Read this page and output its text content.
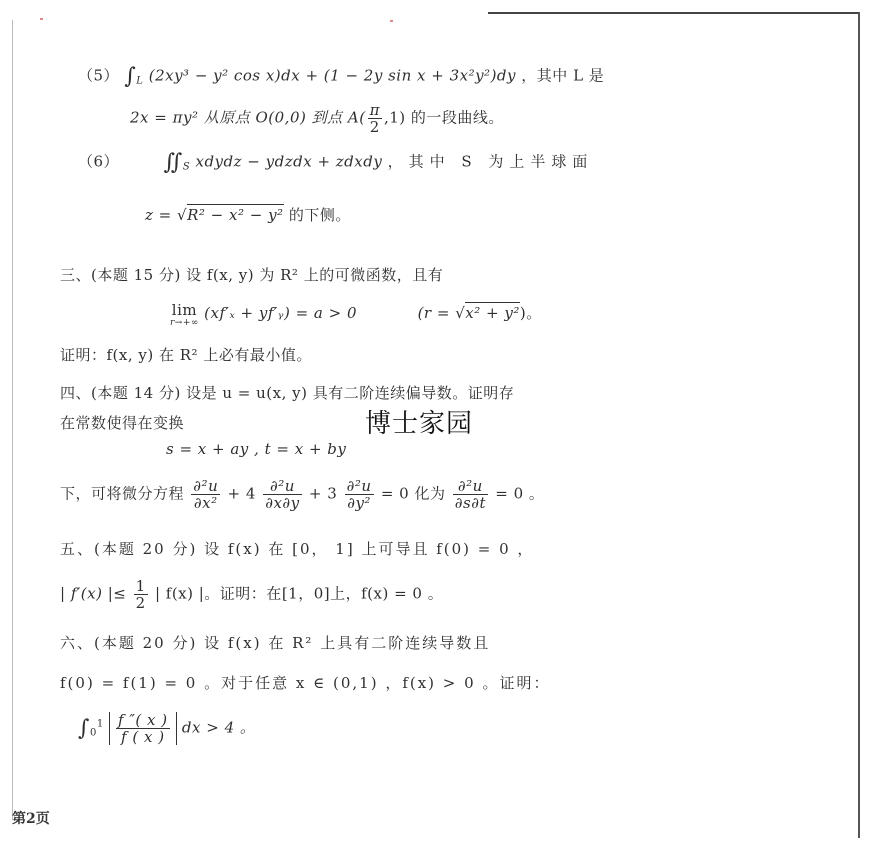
（5） $\int_L$ (2xy³ − y² cos x)dx + (1 − 2y sin x + 3x²y²)dy ，其中 L 是
2x = πy² 从原点 O(0,0) 到点 $A( \frac{\pi}{2} ,1)$ 的一段曲线。
（6） $∬_S$ xdydz − ydzdx + zdxdy ，其中 S 为上半球面
z = √R² − x² − y² 的下侧。
三、(本题 15 分) 设 f(x, y) 为 R² 上的可微函数，且有
lim
r→+∞
(xf′ₓ + yf′ᵧ) = a > 0	(r = √x² + y²)。
证明：f(x, y) 在 R² 上必有最小值。
四、(本题 14 分) 设是 u = u(x, y) 具有二阶连续偏导数。证明存
在常数使得在变换	博士家园
s = x + ay , t = x + by
下，可将微分方程 $\frac{\text{∂²u}}{\text{∂x²}} + 4 \frac{\text{∂²u}}{\partial x\partial y} + 3 \frac{\text{∂²u}}{\text{∂y²}} = 0$ 化为 $\frac{\text{∂²u}}{\partial s\partial t} = 0$ 。
五、(本题 20 分) 设 f(x) 在 [0， 1] 上可导且 f(0) = 0 ，
| f′(x) |≤ $\frac{1}{2}$ | f(x) |。证明：在[1，0]上，f(x) = 0 。
六、(本题 20 分) 设 f(x) 在 R² 上具有二阶连续导数且
f(0) = f(1) = 0 。对于任意 x ∈ (0,1) ，f(x) > 0 。证明：
$\int_0^1 \frac{f ''( x )}{f ( x )}$ dx > 4 。
第2页
